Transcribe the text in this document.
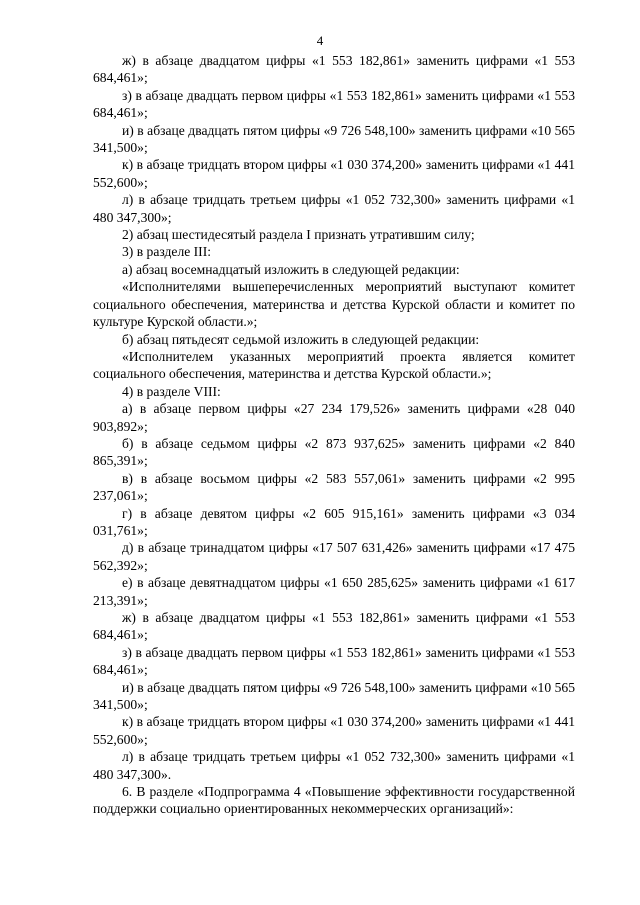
4

ж) в абзаце двадцатом цифры «1 553 182,861» заменить цифрами «1 553 684,461»;

з) в абзаце двадцать первом цифры «1 553 182,861» заменить цифрами «1 553 684,461»;

и) в абзаце двадцать пятом цифры «9 726 548,100» заменить цифрами «10 565 341,500»;

к) в абзаце тридцать втором цифры «1 030 374,200» заменить цифрами «1 441 552,600»;

л) в абзаце тридцать третьем цифры «1 052 732,300» заменить цифрами «1 480 347,300»;

2) абзац шестидесятый раздела I признать утратившим силу;

3) в разделе III:

а) абзац восемнадцатый изложить в следующей редакции:

«Исполнителями вышеперечисленных мероприятий выступают комитет социального обеспечения, материнства и детства Курской области и комитет по культуре Курской области.»;

б) абзац пятьдесят седьмой изложить в следующей редакции:

«Исполнителем указанных мероприятий проекта является комитет социального обеспечения, материнства и детства Курской области.»;

4) в разделе VIII:

а) в абзаце первом цифры «27 234 179,526» заменить цифрами «28 040 903,892»;

б) в абзаце седьмом цифры «2 873 937,625» заменить цифрами «2 840 865,391»;

в) в абзаце восьмом цифры «2 583 557,061» заменить цифрами «2 995 237,061»;

г) в абзаце девятом цифры «2 605 915,161» заменить цифрами «3 034 031,761»;

д) в абзаце тринадцатом цифры «17 507 631,426» заменить цифрами «17 475 562,392»;

е) в абзаце девятнадцатом цифры «1 650 285,625» заменить цифрами «1 617 213,391»;

ж) в абзаце двадцатом цифры «1 553 182,861» заменить цифрами «1 553 684,461»;

з) в абзаце двадцать первом цифры «1 553 182,861» заменить цифрами «1 553 684,461»;

и) в абзаце двадцать пятом цифры «9 726 548,100» заменить цифрами «10 565 341,500»;

к) в абзаце тридцать втором цифры «1 030 374,200» заменить цифрами «1 441 552,600»;

л) в абзаце тридцать третьем цифры «1 052 732,300» заменить цифрами «1 480 347,300».

6. В разделе «Подпрограмма 4 «Повышение эффективности государственной поддержки социально ориентированных некоммерческих организаций»:
